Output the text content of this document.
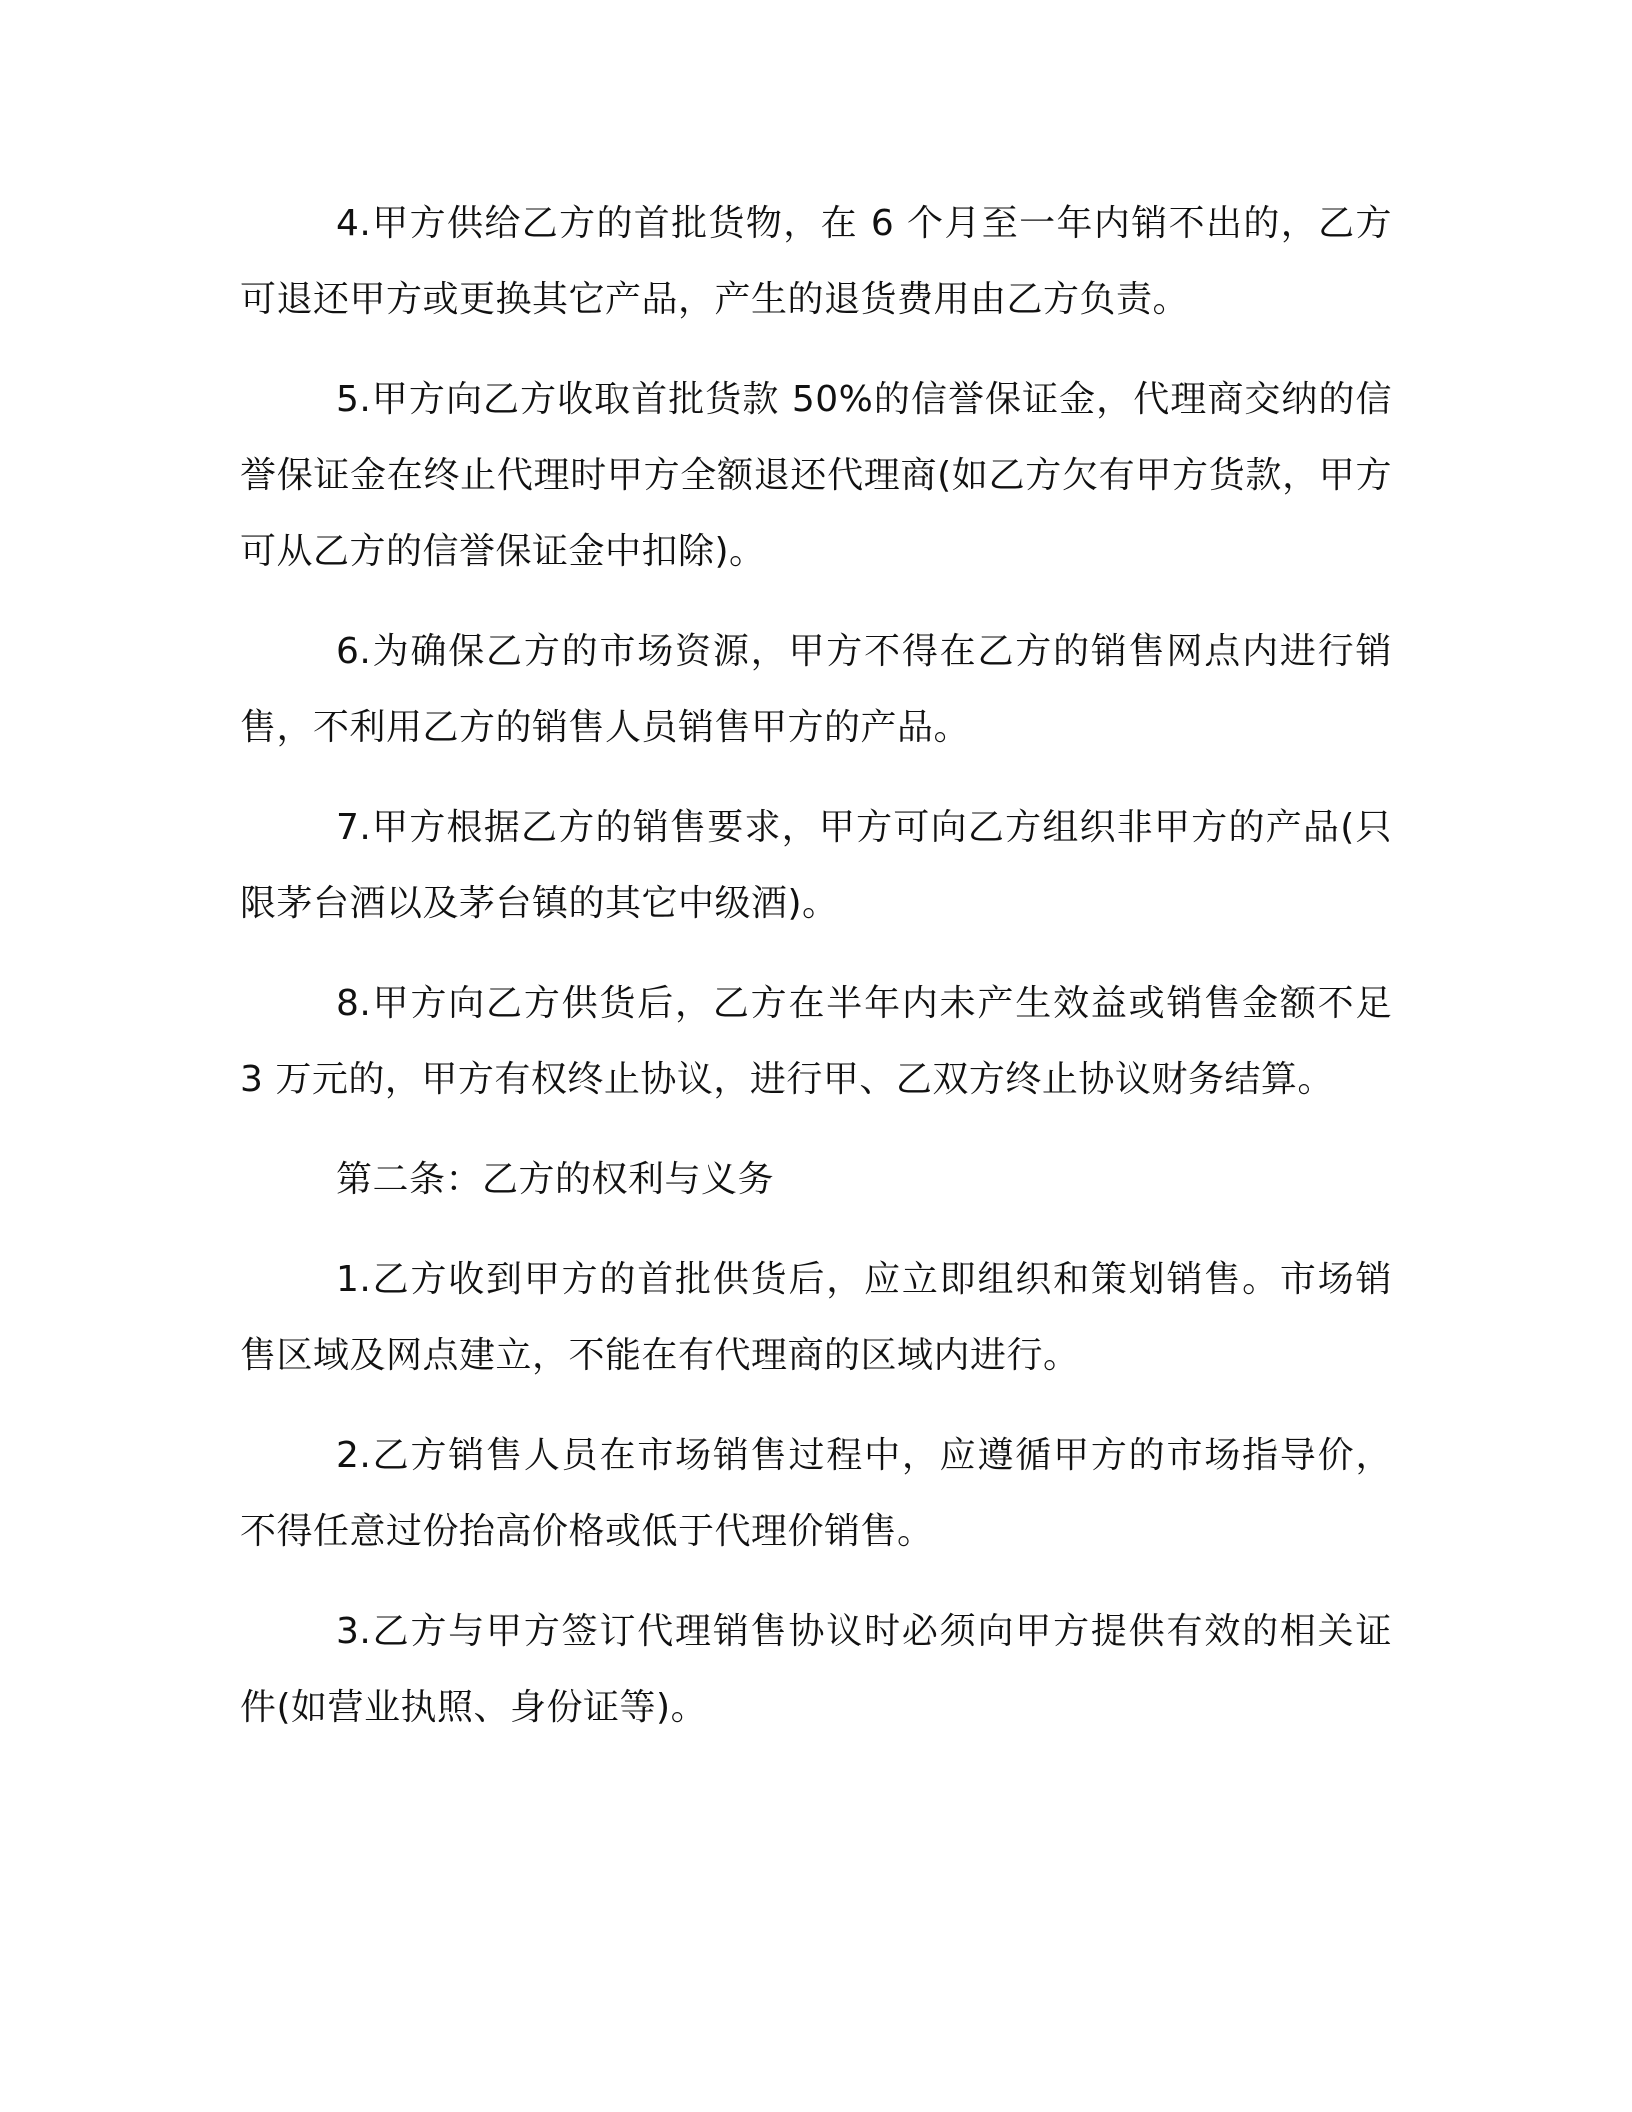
4.甲方供给乙方的首批货物，在 6 个月至一年内销不出的，乙方可退还甲方或更换其它产品，产生的退货费用由乙方负责。

5.甲方向乙方收取首批货款 50%的信誉保证金，代理商交纳的信誉保证金在终止代理时甲方全额退还代理商(如乙方欠有甲方货款，甲方可从乙方的信誉保证金中扣除)。

6.为确保乙方的市场资源，甲方不得在乙方的销售网点内进行销售，不利用乙方的销售人员销售甲方的产品。

7.甲方根据乙方的销售要求，甲方可向乙方组织非甲方的产品(只限茅台酒以及茅台镇的其它中级酒)。

8.甲方向乙方供货后，乙方在半年内未产生效益或销售金额不足 3 万元的，甲方有权终止协议，进行甲、乙双方终止协议财务结算。

第二条：乙方的权利与义务

1.乙方收到甲方的首批供货后，应立即组织和策划销售。市场销售区域及网点建立，不能在有代理商的区域内进行。

2.乙方销售人员在市场销售过程中，应遵循甲方的市场指导价，不得任意过份抬高价格或低于代理价销售。

3.乙方与甲方签订代理销售协议时必须向甲方提供有效的相关证件(如营业执照、身份证等)。
